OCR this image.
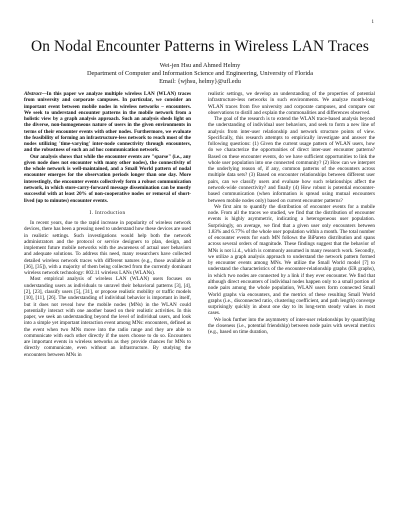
1
On Nodal Encounter Patterns in Wireless LAN Traces
Wei-jen Hsu and Ahmed Helmy
Department of Computer and Information Science and Engineering, University of Florida
Email: {wjhsu, helmy}@ufl.edu

Abstract—In this paper we analyze multiple wireless LAN (WLAN) traces from university and corporate campuses. In particular, we consider an important event between mobile nodes in wireless networks – encounters. We seek to understand encounter patterns in the mobile network from a holistic view by a graph analysis approach. Such an analysis sheds light on the diverse, non-homogeneous nature of users in the given environments in terms of their encounter events with other nodes. Furthermore, we evaluate the feasibility of forming an infrastructure-less network to reach most of the nodes utilizing 'time-varying' inter-node connectivity through encounters, and the robustness of such an ad hoc communication network.

Our analysis shows that while the encounter events are "sparse" (i.e., any given node does not encounter with many other nodes), the connectivity of the whole network is well-maintained, and a Small World pattern of nodal encounter emerges for the observation periods longer than one day. More interestingly, the encounter events collectively form a robust communication network, in which store-carry-forward message dissemination can be mostly successful with at least 20% of non-cooperative nodes or removal of short-lived (up to minutes) encounter events.

I. Introduction

In recent years, due to the rapid increase in popularity of wireless network devices, there has been a pressing need to understand how these devices are used in realistic settings. Such investigations would help both the network administrators and the protocol or service designers to plan, design, and implement future mobile networks with the awareness of actual user behaviors and adequate solutions. To address this need, many researchers have collected detailed wireless network traces with different natures (e.g., those available at [36], [35]), with a majority of them being collected from the currently dominant wireless network technology: 802.11 wireless LANs (WLANs).

Most empirical analysis of wireless LAN (WLAN) users focuses on understanding users as individuals to unravel their behavioral patterns [3], [4], [2], [23], classify users [5], [31], or propose realistic mobility or traffic models [10], [11], [26]. The understanding of individual behavior is important in itself, but it does not reveal how the mobile nodes (MNs) in the WLAN could potentially interact with one another based on their realistic activities. In this paper, we seek an understanding beyond the level of individual users, and look into a simple yet important interaction event among MNs: encounters, defined as the event when two MNs move into the radio range and they are able to communicate with each other directly if the users choose to do so. Encounters are important events in wireless networks as they provide chances for MNs to directly communicate, even without an infrastructure. By studying the encounters between MNs in

realistic settings, we develop an understanding of the properties of potential infrastructure-less networks in such environments. We analyze month-long WLAN traces from five university and corporate campuses, and compare our observations to distill and explain the commonalities and differences observed.

The goal of the research is to extend the WLAN trace-based analysis beyond the understanding of individual user behaviors, and seek to form a new line of analysis from inter-user relationship and network structure points of view. Specifically, this research attempts to empirically investigate and answer the following questions: (1) Given the current usage pattern of WLAN users, how do we characterize the opportunities of direct inter-user encounter patterns? Based on these encounter events, do we have sufficient opportunities to link the whole user population into one connected community? (2) How can we interpret the underlying reason of, if any, common patterns of the encounters across multiple data sets? (3) Based on encounter relationships between different user pairs, can we classify users and evaluate how such relationships affect the network-wide connectivity? and finally (4) How robust is potential encounter-based communication (when information is spread using mutual encounters between mobile nodes only) based on current encounter patterns?

We first aim to quantify the distribution of encounter events for a mobile node. From all the traces we studied, we find that the distribution of encounter events is highly asymmetric, indicating a heterogeneous user population. Surprisingly, on average, we find that a given user only encounters between 1.83% and 6.77% of the whole user population within a month. The total number of encounter events for each MN follows the BiPareto distribution and spans across several orders of magnitude. These findings suggest that the behavior of MNs is not i.i.d., which is commonly assumed in many research work. Secondly, we utilize a graph analysis approach to understand the network pattern formed by encounter events among MNs. We utilize the Small World model [7] to understand the characteristics of the encounter-relationship graphs (ER graphs), in which two nodes are connected by a link if they ever encounter. We find that although direct encounters of individual nodes happen only to a small portion of node pairs among the whole population, WLAN users form connected Small World graphs via encounters, and the metrics of these resulting Small World graphs (i.e., disconnected ratio, clustering coefficient, and path length) converge surprisingly quickly in about one day to its long-term steady values in most cases.

We look further into the asymmetry of inter-user relationships by quantifying the closeness (i.e., potential friendship) between node pairs with several metrics (e.g., based on time duration,
